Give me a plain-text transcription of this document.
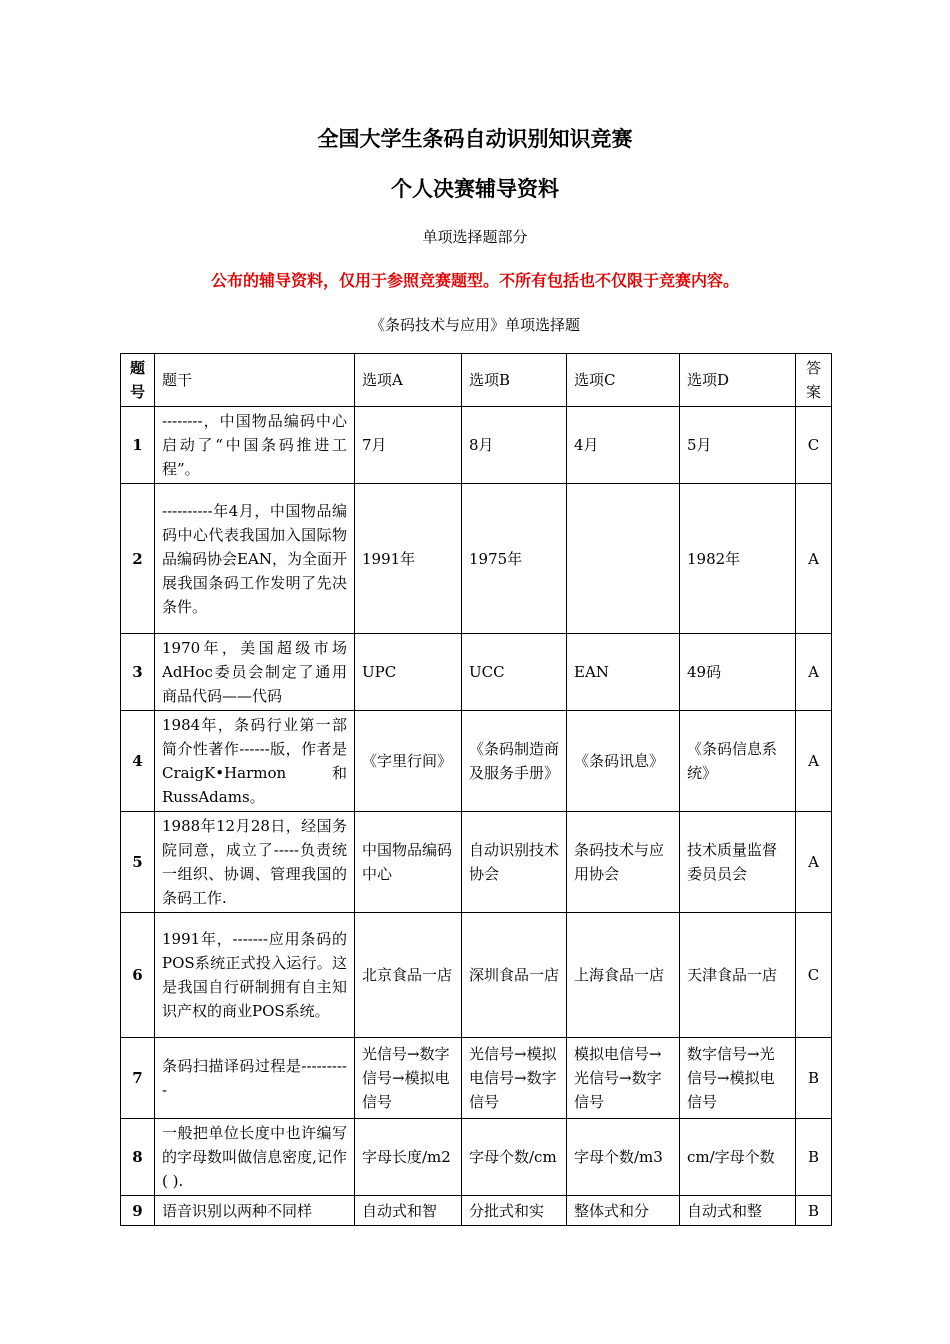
全国大学生条码自动识别知识竞赛
个人决赛辅导资料
单项选择题部分
公布的辅导资料，仅用于参照竞赛题型。不所有包括也不仅限于竞赛内容。
《条码技术与应用》单项选择题
题号	题干	选项A	选项B	选项C	选项D	答案
1	--------，中国物品编码中心启动了“中国条码推进工程”。	7月	8月	4月	5月	C
2	----------年4月，中国物品编码中心代表我国加入国际物品编码协会EAN，为全面开展我国条码工作发明了先决条件。	1991年	1975年		1982年	A
3	1970年，美国超级市场AdHoc委员会制定了通用商品代码——代码	UPC	UCC	EAN	49码	A
4	1984年，条码行业第一部简介性著作------版，作者是CraigK•Harmon和RussAdams。	《字里行间》	《条码制造商及服务手册》	《条码讯息》	《条码信息系统》	A
5	1988年12月28日，经国务院同意，成立了-----负责统一组织、协调、管理我国的条码工作.	中国物品编码中心	自动识别技术协会	条码技术与应用协会	技术质量监督委员员会	A
6	1991年，-------应用条码的POS系统正式投入运行。这是我国自行研制拥有自主知识产权的商业POS系统。	北京食品一店	深圳食品一店	上海食品一店	天津食品一店	C
7	条码扫描译码过程是----------	光信号→数字信号→模拟电信号	光信号→模拟电信号→数字信号	模拟电信号→光信号→数字信号	数字信号→光信号→模拟电信号	B
8	一般把单位长度中也许编写的字母数叫做信息密度,记作( ).	字母长度/m2	字母个数/cm	字母个数/m3	cm/字母个数	B
9	语音识别以两种不同样	自动式和智	分批式和实	整体式和分	自动式和整	B
